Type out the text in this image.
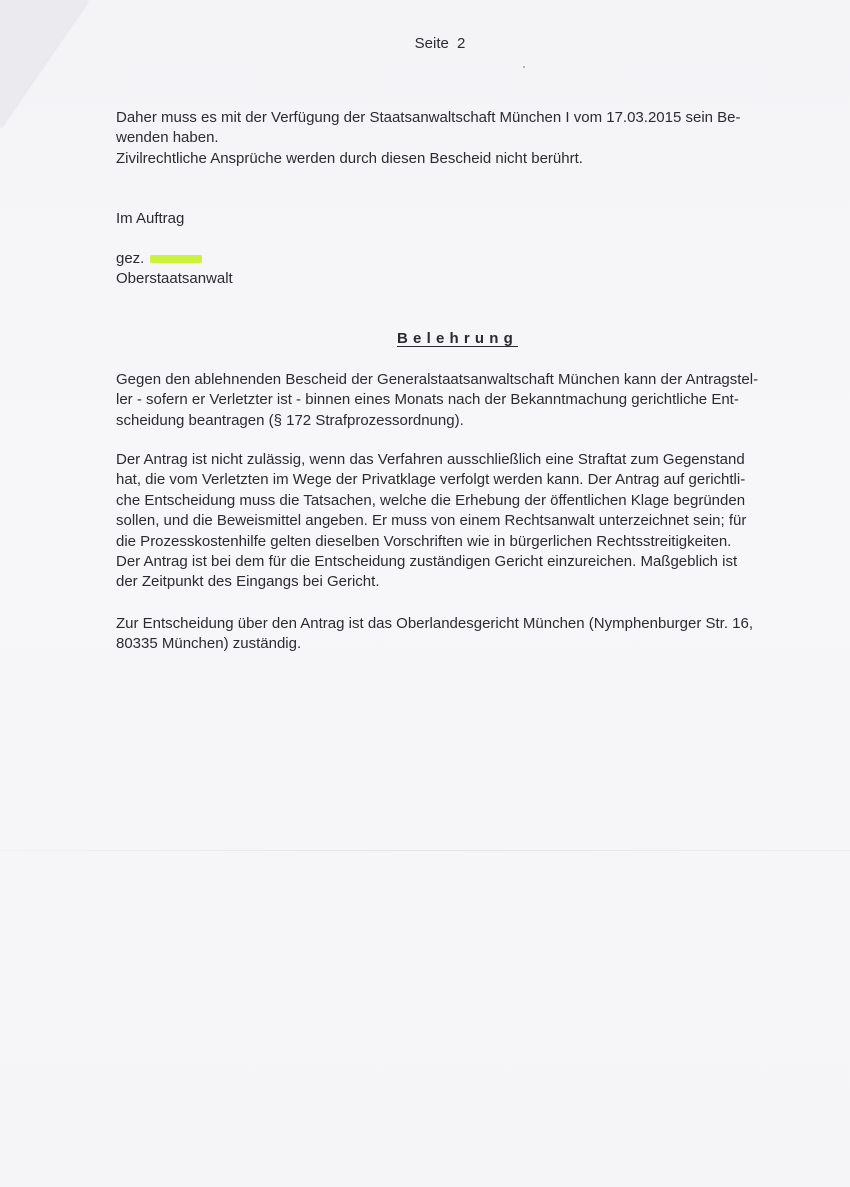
Seite 2

Daher muss es mit der Verfügung der Staatsanwaltschaft München I vom 17.03.2015 sein Be-

wenden haben.

Zivilrechtliche Ansprüche werden durch diesen Bescheid nicht berührt.

Im Auftrag
gez.
Oberstaatsanwalt
Belehrung

Gegen den ablehnenden Bescheid der Generalstaatsanwaltschaft München kann der Antragstel-

ler - sofern er Verletzter ist - binnen eines Monats nach der Bekanntmachung gerichtliche Ent-

scheidung beantragen (§ 172 Strafprozessordnung).

Der Antrag ist nicht zulässig, wenn das Verfahren ausschließlich eine Straftat zum Gegenstand

hat, die vom Verletzten im Wege der Privatklage verfolgt werden kann. Der Antrag auf gerichtli-

che Entscheidung muss die Tatsachen, welche die Erhebung der öffentlichen Klage begründen

sollen, und die Beweismittel angeben. Er muss von einem Rechtsanwalt unterzeichnet sein; für

die Prozesskostenhilfe gelten dieselben Vorschriften wie in bürgerlichen Rechtsstreitigkeiten.

Der Antrag ist bei dem für die Entscheidung zuständigen Gericht einzureichen. Maßgeblich ist

der Zeitpunkt des Eingangs bei Gericht.

Zur Entscheidung über den Antrag ist das Oberlandesgericht München (Nymphenburger Str. 16,

80335 München) zuständig.
